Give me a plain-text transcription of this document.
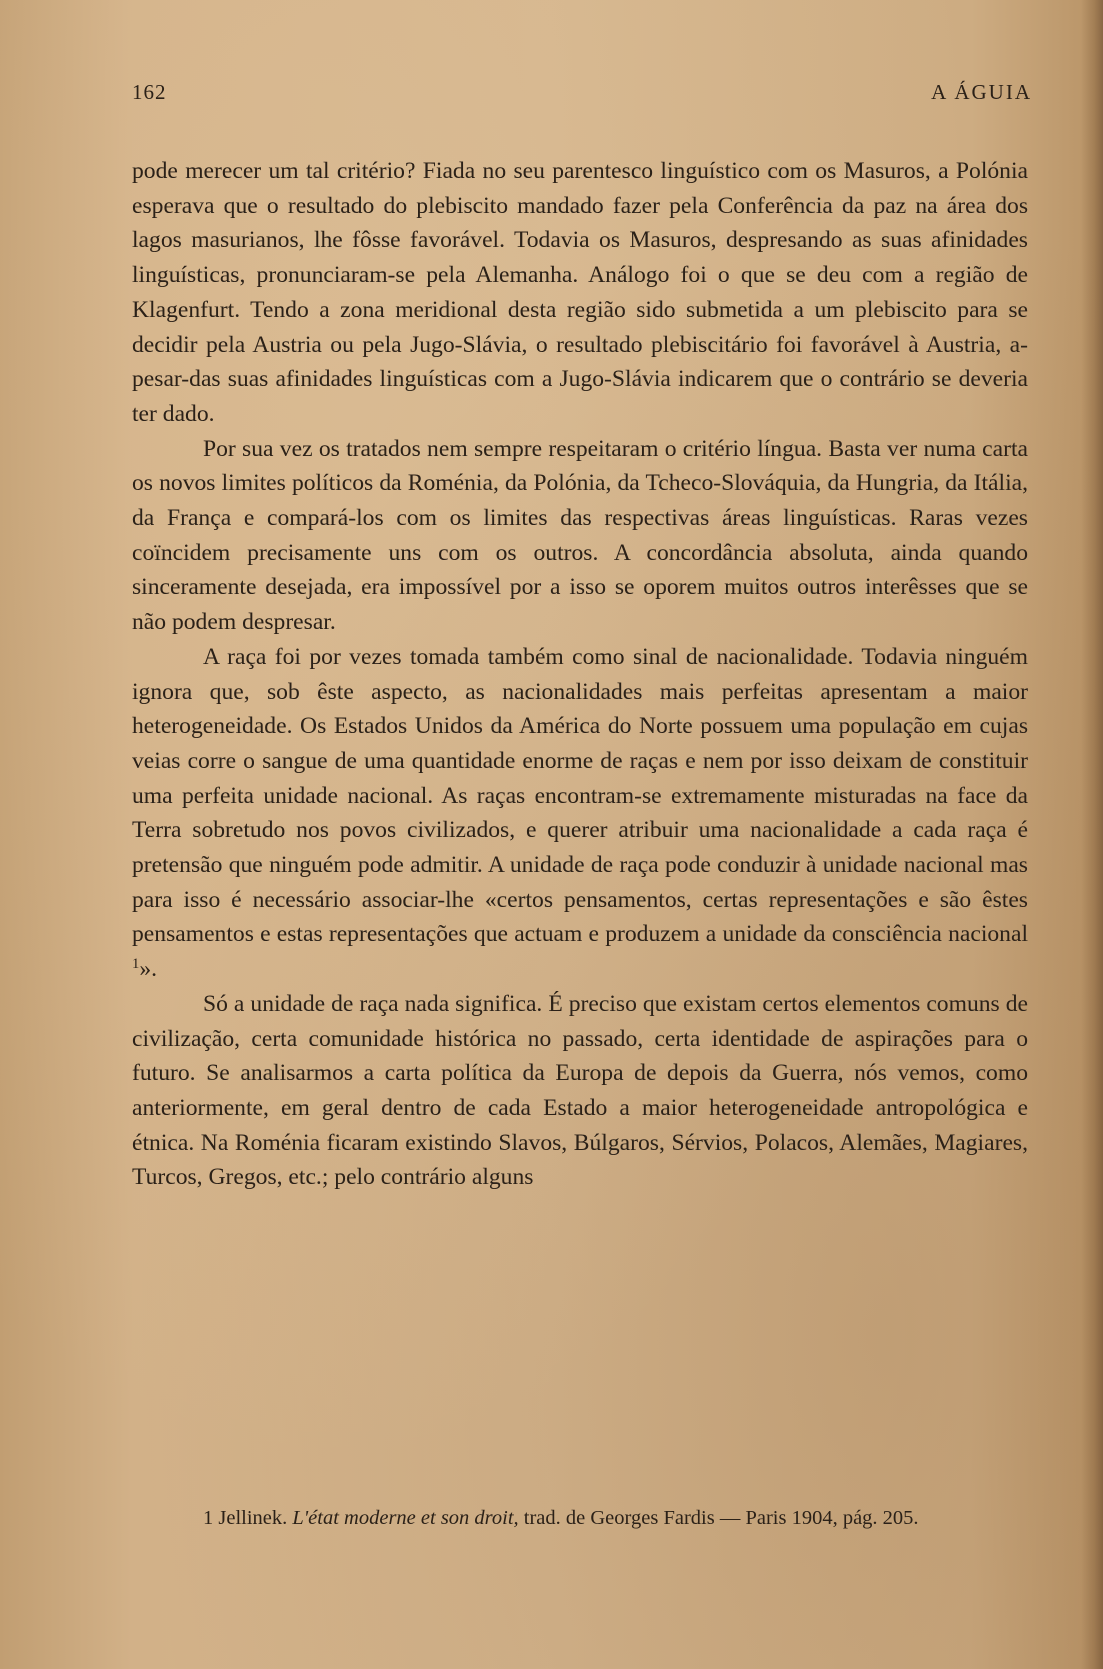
162	A ÁGUIA

pode merecer um tal critério? Fiada no seu parentesco linguístico com os Masuros, a Polónia esperava que o resultado do plebiscito mandado fazer pela Conferência da paz na área dos lagos masurianos, lhe fôsse favorável. Todavia os Masuros, despresando as suas afinidades linguísticas, pronunciaram-se pela Alemanha. Análogo foi o que se deu com a região de Klagenfurt. Tendo a zona meridional desta região sido submetida a um plebiscito para se decidir pela Austria ou pela Jugo-Slávia, o resultado plebiscitário foi favorável à Austria, a-pesar-das suas afinidades linguísticas com a Jugo-Slávia indicarem que o contrário se deveria ter dado.

Por sua vez os tratados nem sempre respeitaram o critério língua. Basta ver numa carta os novos limites políticos da Roménia, da Polónia, da Tcheco-Slováquia, da Hungria, da Itália, da França e compará-los com os limites das respectivas áreas linguísticas. Raras vezes coïncidem precisamente uns com os outros. A concordância absoluta, ainda quando sinceramente desejada, era impossível por a isso se oporem muitos outros interêsses que se não podem despresar.

A raça foi por vezes tomada também como sinal de nacionalidade. Todavia ninguém ignora que, sob êste aspecto, as nacionalidades mais perfeitas apresentam a maior heterogeneidade. Os Estados Unidos da América do Norte possuem uma população em cujas veias corre o sangue de uma quantidade enorme de raças e nem por isso deixam de constituir uma perfeita unidade nacional. As raças encontram-se extremamente misturadas na face da Terra sobretudo nos povos civilizados, e querer atribuir uma nacionalidade a cada raça é pretensão que ninguém pode admitir. A unidade de raça pode conduzir à unidade nacional mas para isso é necessário associar-lhe «certos pensamentos, certas representações e são êstes pensamentos e estas representações que actuam e produzem a unidade da consciência nacional $^1$».

Só a unidade de raça nada significa. É preciso que existam certos elementos comuns de civilização, certa comunidade histórica no passado, certa identidade de aspirações para o futuro. Se analisarmos a carta política da Europa de depois da Guerra, nós vemos, como anteriormente, em geral dentro de cada Estado a maior heterogeneidade antropológica e étnica. Na Roménia ficaram existindo Slavos, Búlgaros, Sérvios, Polacos, Alemães, Magiares, Turcos, Gregos, etc.; pelo contrário alguns

1 Jellinek. L'état moderne et son droit, trad. de Georges Fardis — Paris 1904, pág. 205.
